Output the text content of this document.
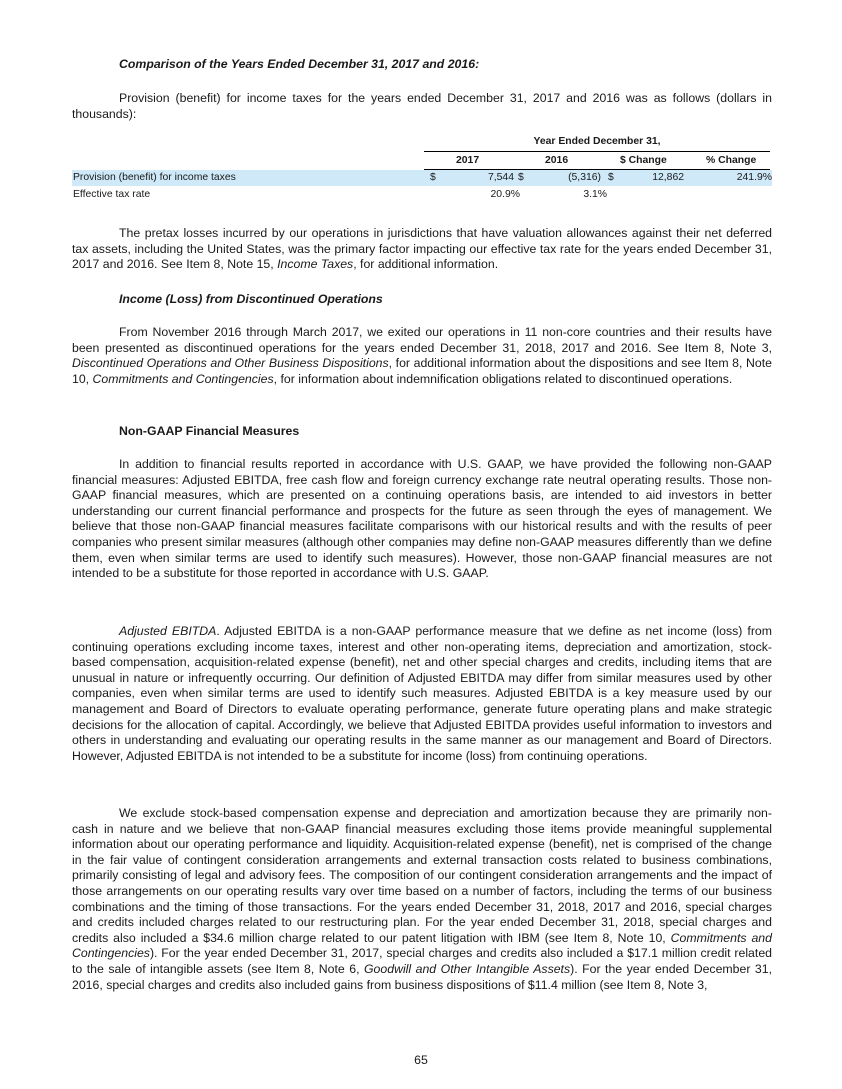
Comparison of the Years Ended December 31, 2017 and 2016:

Provision (benefit) for income taxes for the years ended December 31, 2017 and 2016 was as follows (dollars in thousands):

Year Ended December 31,
2017	2016	$ Change	% Change
Provision (benefit) for income taxes	$	7,544 $	(5,316) $	12,862	241.9%
Effective tax rate	20.9%	3.1%

The pretax losses incurred by our operations in jurisdictions that have valuation allowances against their net deferred tax assets, including the United States, was the primary factor impacting our effective tax rate for the years ended December 31, 2017 and 2016. See Item 8, Note 15, Income Taxes, for additional information.

Income (Loss) from Discontinued Operations

From November 2016 through March 2017, we exited our operations in 11 non-core countries and their results have been presented as discontinued operations for the years ended December 31, 2018, 2017 and 2016. See Item 8, Note 3, Discontinued Operations and Other Business Dispositions, for additional information about the dispositions and see Item 8, Note 10, Commitments and Contingencies, for information about indemnification obligations related to discontinued operations.

Non-GAAP Financial Measures

In addition to financial results reported in accordance with U.S. GAAP, we have provided the following non-GAAP financial measures: Adjusted EBITDA, free cash flow and foreign currency exchange rate neutral operating results. Those non-GAAP financial measures, which are presented on a continuing operations basis, are intended to aid investors in better understanding our current financial performance and prospects for the future as seen through the eyes of management. We believe that those non-GAAP financial measures facilitate comparisons with our historical results and with the results of peer companies who present similar measures (although other companies may define non-GAAP measures differently than we define them, even when similar terms are used to identify such measures). However, those non-GAAP financial measures are not intended to be a substitute for those reported in accordance with U.S. GAAP.

Adjusted EBITDA. Adjusted EBITDA is a non-GAAP performance measure that we define as net income (loss) from continuing operations excluding income taxes, interest and other non-operating items, depreciation and amortization, stock-based compensation, acquisition-related expense (benefit), net and other special charges and credits, including items that are unusual in nature or infrequently occurring. Our definition of Adjusted EBITDA may differ from similar measures used by other companies, even when similar terms are used to identify such measures. Adjusted EBITDA is a key measure used by our management and Board of Directors to evaluate operating performance, generate future operating plans and make strategic decisions for the allocation of capital. Accordingly, we believe that Adjusted EBITDA provides useful information to investors and others in understanding and evaluating our operating results in the same manner as our management and Board of Directors. However, Adjusted EBITDA is not intended to be a substitute for income (loss) from continuing operations.

We exclude stock-based compensation expense and depreciation and amortization because they are primarily non-cash in nature and we believe that non-GAAP financial measures excluding those items provide meaningful supplemental information about our operating performance and liquidity. Acquisition-related expense (benefit), net is comprised of the change in the fair value of contingent consideration arrangements and external transaction costs related to business combinations, primarily consisting of legal and advisory fees. The composition of our contingent consideration arrangements and the impact of those arrangements on our operating results vary over time based on a number of factors, including the terms of our business combinations and the timing of those transactions. For the years ended December 31, 2018, 2017 and 2016, special charges and credits included charges related to our restructuring plan. For the year ended December 31, 2018, special charges and credits also included a $34.6 million charge related to our patent litigation with IBM (see Item 8, Note 10, Commitments and Contingencies). For the year ended December 31, 2017, special charges and credits also included a $17.1 million credit related to the sale of intangible assets (see Item 8, Note 6, Goodwill and Other Intangible Assets). For the year ended December 31, 2016, special charges and credits also included gains from business dispositions of $11.4 million (see Item 8, Note 3,

65
